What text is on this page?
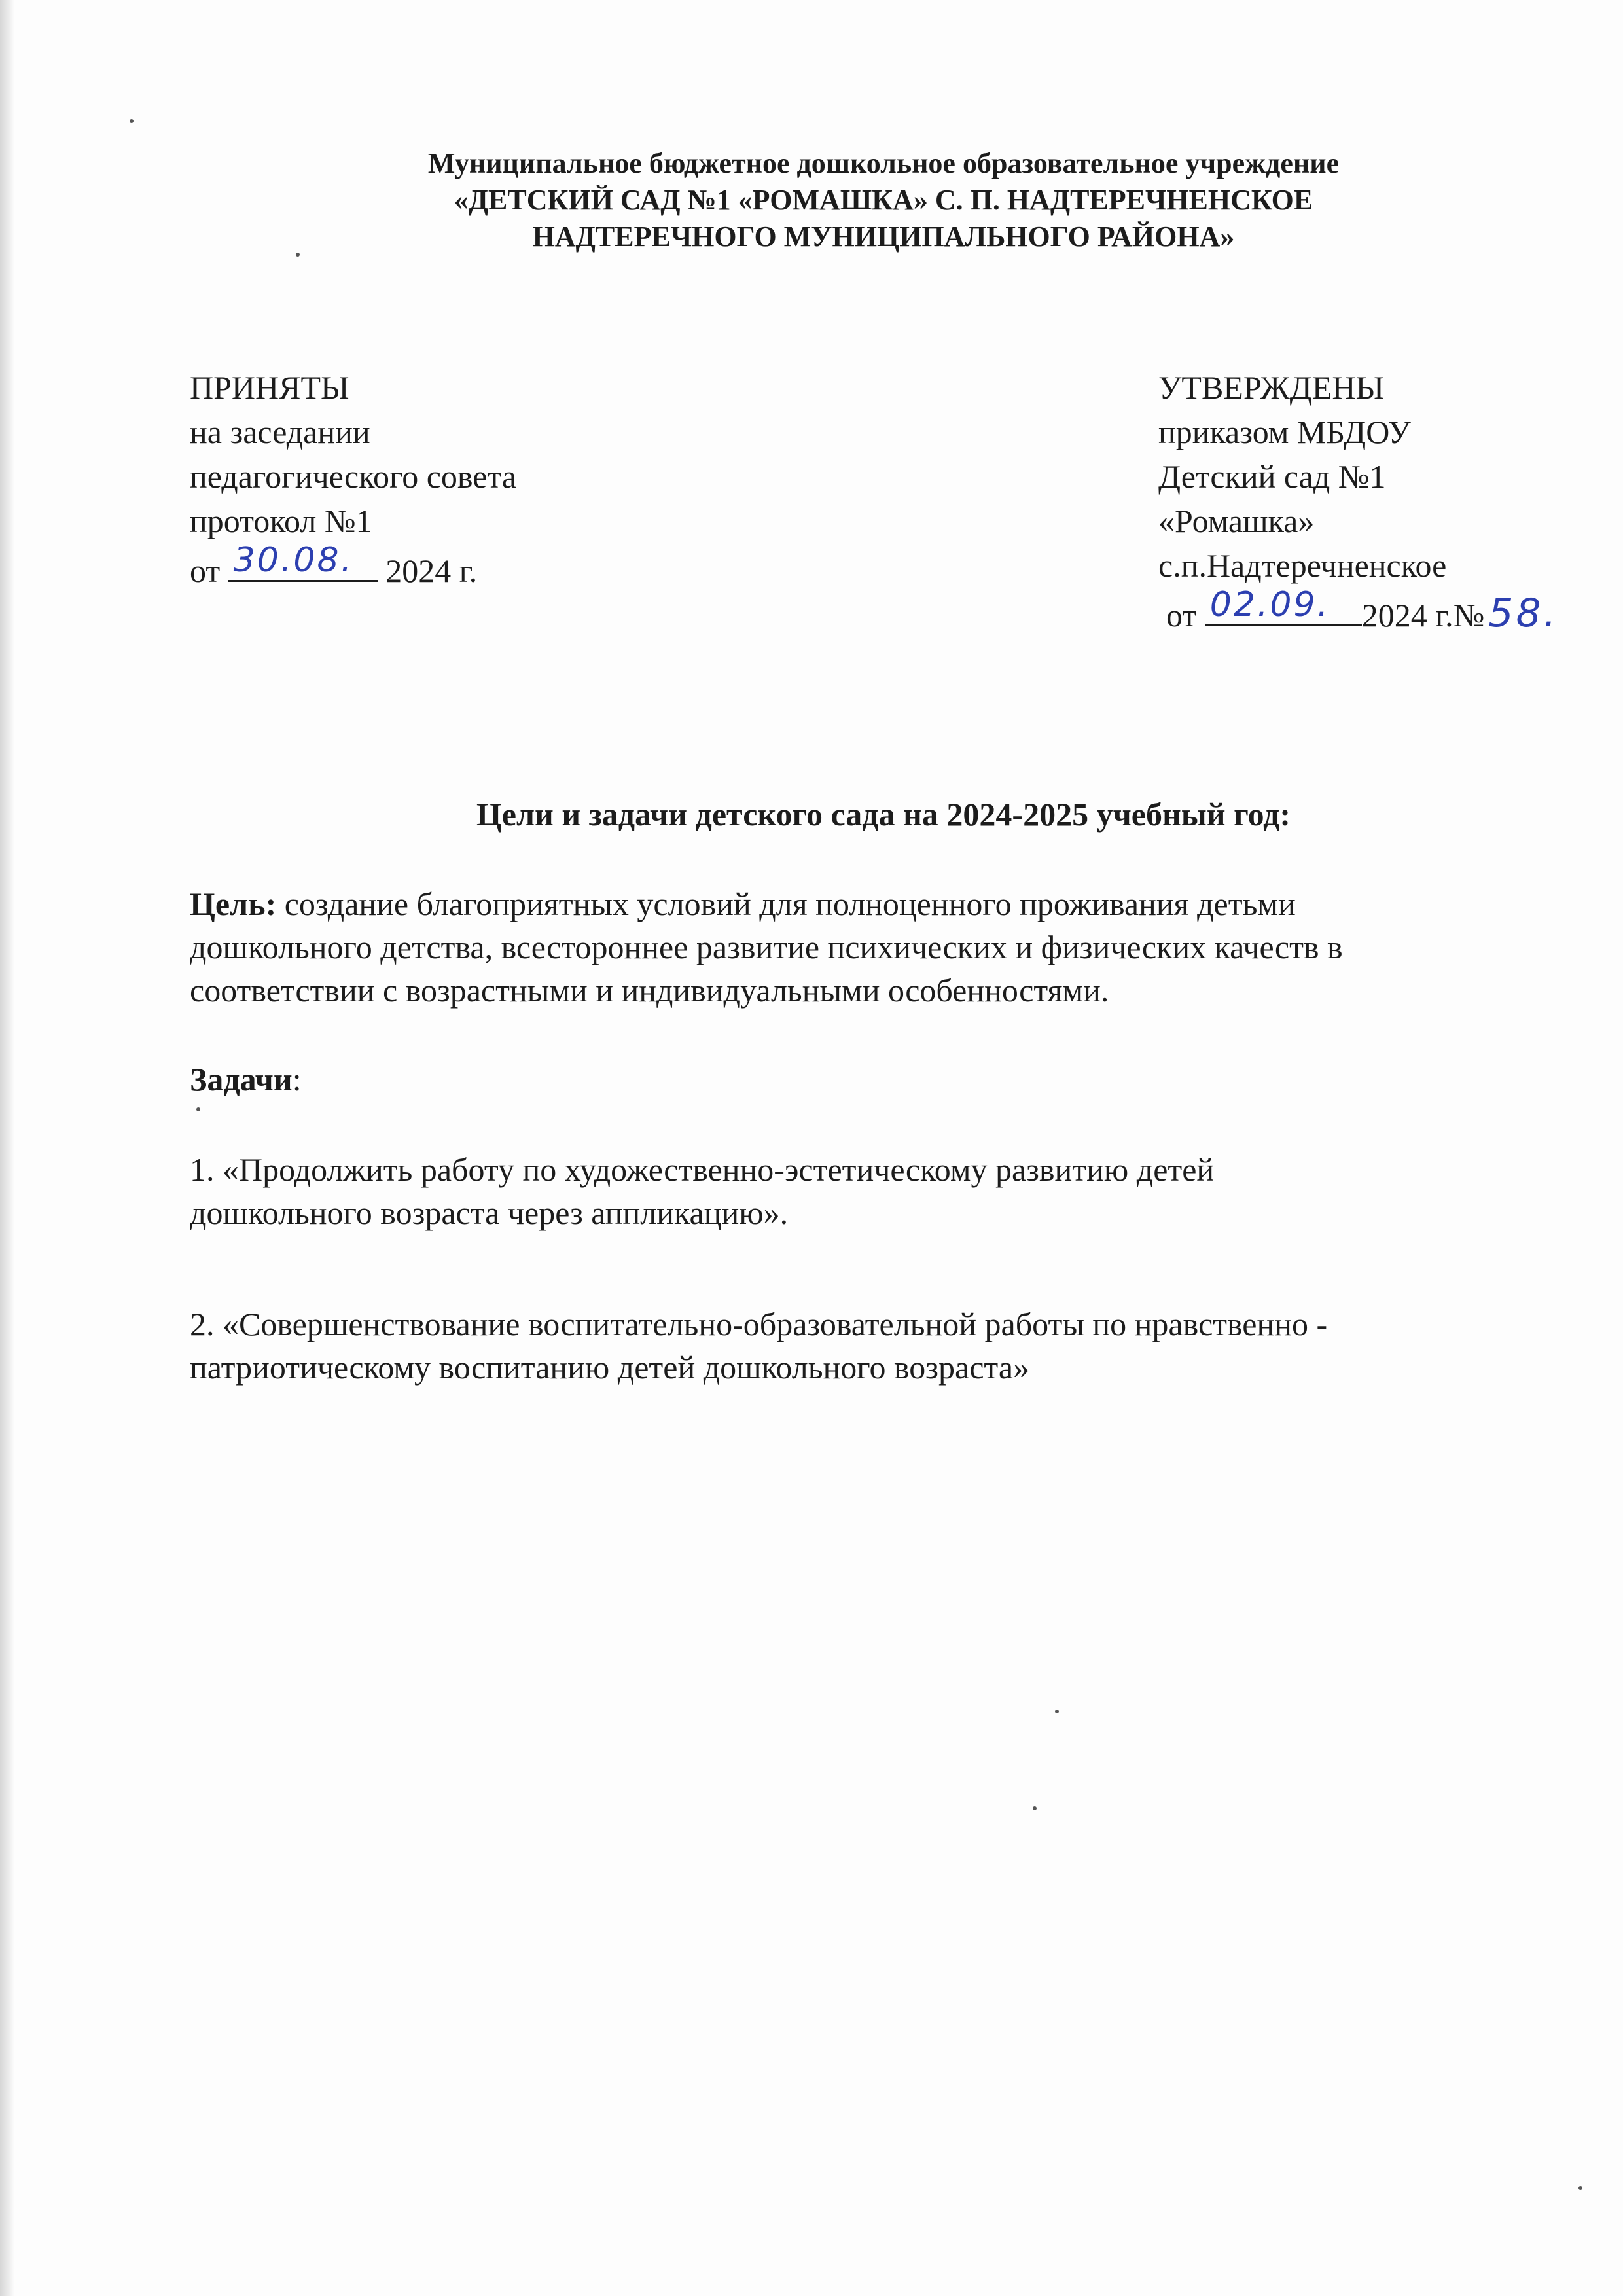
Муниципальное бюджетное дошкольное образовательное учреждение
«ДЕТСКИЙ САД №1 «РОМАШКА» С. П. НАДТЕРЕЧНЕНСКОЕ
НАДТЕРЕЧНОГО МУНИЦИПАЛЬНОГО РАЙОНА»
ПРИНЯТЫ
на заседании
педагогического совета
протокол №1
от 30.08. 2024 г.
УТВЕРЖДЕНЫ
приказом МБДОУ
Детский сад №1
«Ромашка»
с.п.Надтеречненское
от 02.09. 2024 г.№ 58.
Цели и задачи детского сада на 2024-2025 учебный год:
Цель: создание благоприятных условий для полноценного проживания детьми
дошкольного детства, всестороннее развитие психических и физических качеств в
соответствии с возрастными и индивидуальными особенностями.
Задачи:
1. «Продолжить работу по художественно-эстетическому развитию детей
дошкольного возраста через аппликацию».
2. «Совершенствование воспитательно-образовательной работы по нравственно -
патриотическому воспитанию детей дошкольного возраста»
